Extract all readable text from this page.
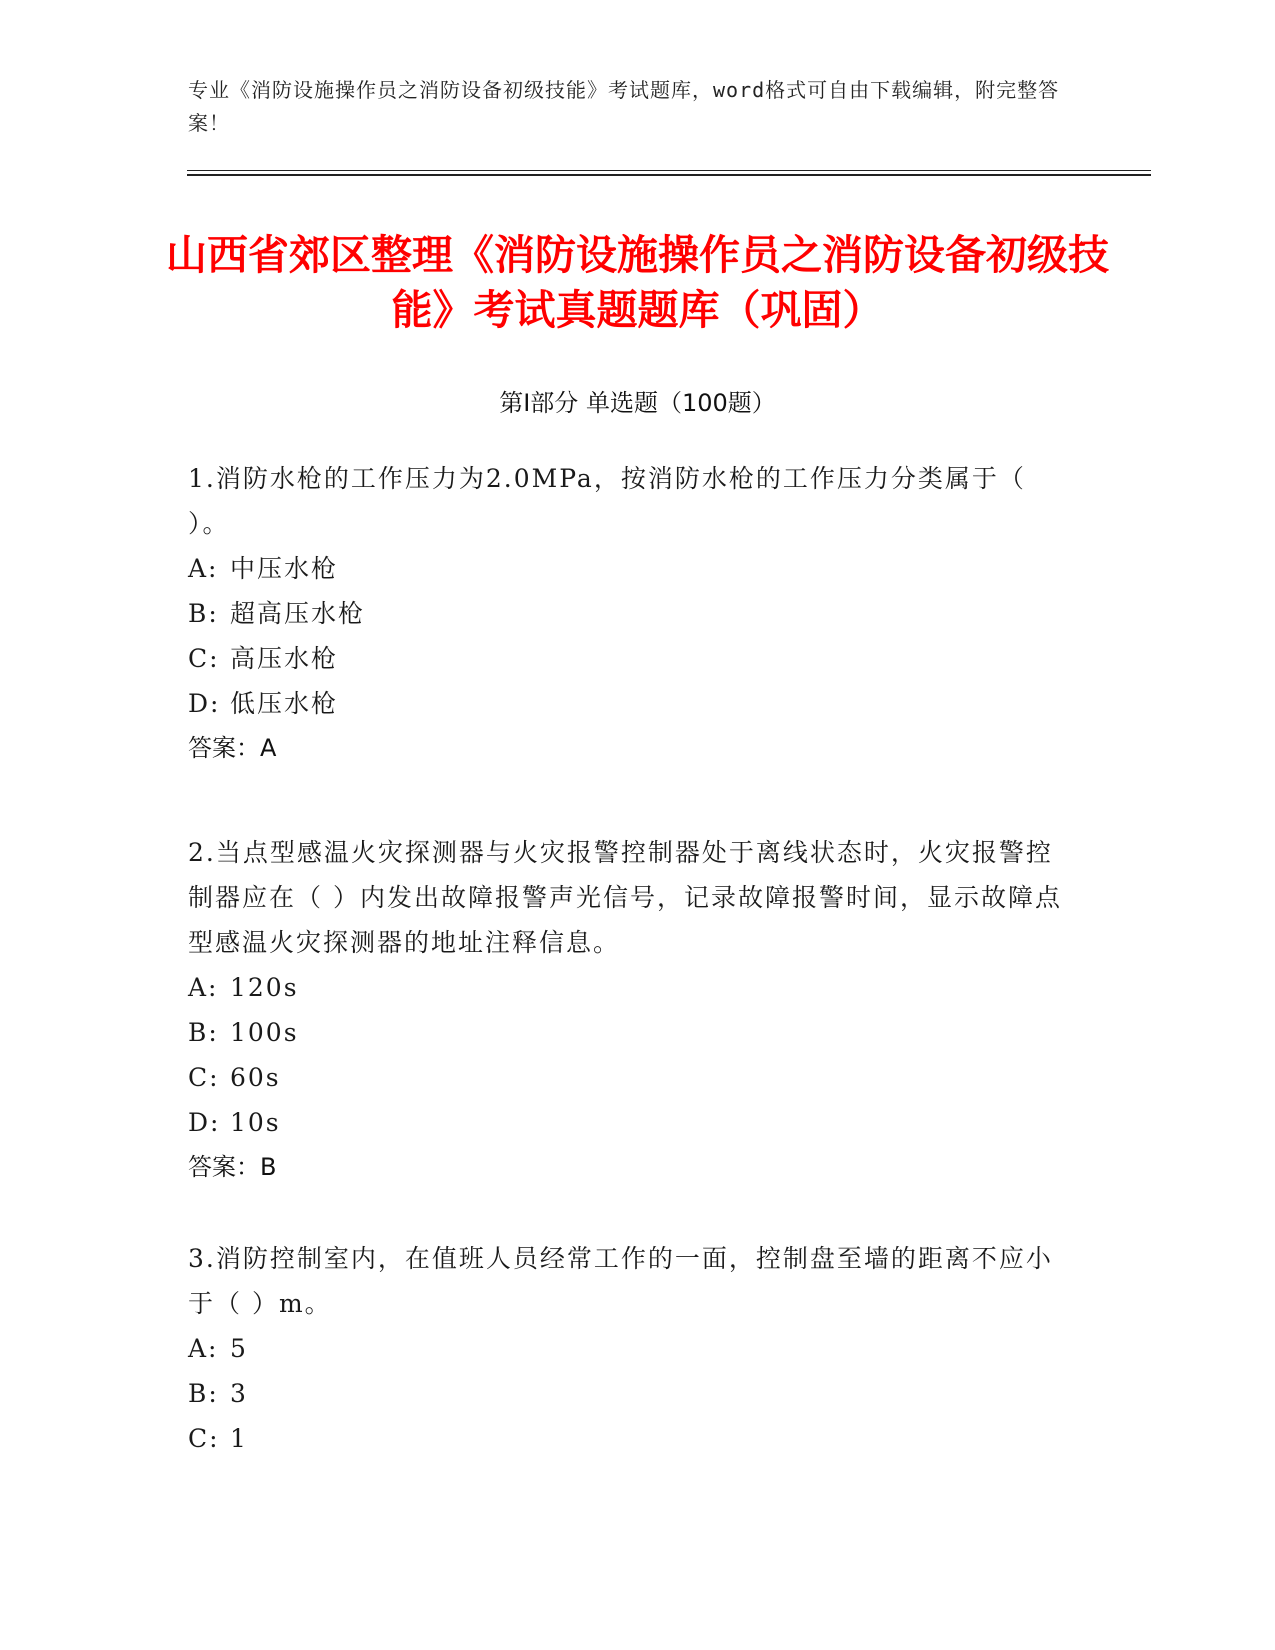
专业《消防设施操作员之消防设备初级技能》考试题库，word格式可自由下载编辑，附完整答案！
山西省郊区整理《消防设施操作员之消防设备初级技能》考试真题题库（巩固）
第Ⅰ部分 单选题（100题）

1.消防水枪的工作压力为2.0MPa，按消防水枪的工作压力分类属于（ ）。

A: 中压水枪

B: 超高压水枪

C: 高压水枪

D: 低压水枪

答案：A

2.当点型感温火灾探测器与火灾报警控制器处于离线状态时，火灾报警控制器应在（ ）内发出故障报警声光信号，记录故障报警时间，显示故障点型感温火灾探测器的地址注释信息。

A: 120s

B: 100s

C: 60s

D: 10s

答案：B

3.消防控制室内，在值班人员经常工作的一面，控制盘至墙的距离不应小于（ ）m。

A: 5

B: 3

C: 1
